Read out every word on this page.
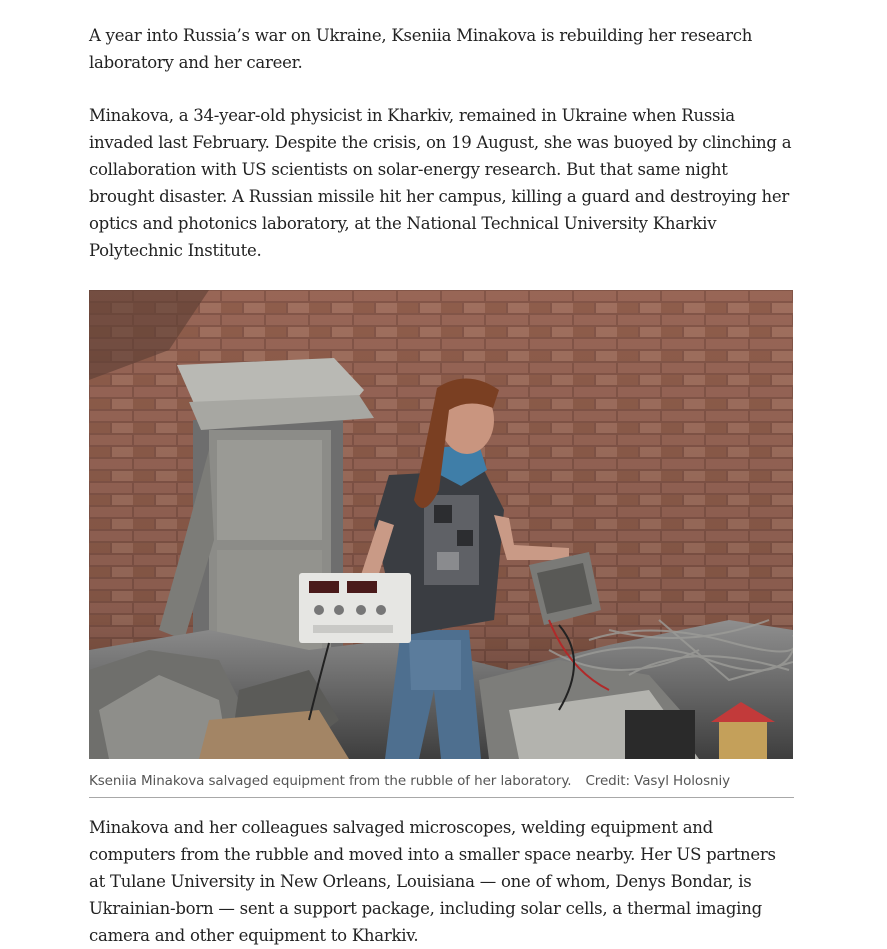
A year into Russia’s war on Ukraine, Kseniia Minakova is rebuilding her research laboratory and her career.

Minakova, a 34-year-old physicist in Kharkiv, remained in Ukraine when Russia invaded last February. Despite the crisis, on 19 August, she was buoyed by clinching a collaboration with US scientists on solar-energy research. But that same night brought disaster. A Russian missile hit her campus, killing a guard and destroying her optics and photonics laboratory, at the National Technical University Kharkiv Polytechnic Institute.

Kseniia Minakova salvaged equipment from the rubble of her laboratory. Credit: Vasyl Holosniy

Minakova and her colleagues salvaged microscopes, welding equipment and computers from the rubble and moved into a smaller space nearby. Her US partners at Tulane University in New Orleans, Louisiana — one of whom, Denys Bondar, is Ukrainian-born — sent a support package, including solar cells, a thermal imaging camera and other equipment to Kharkiv.
